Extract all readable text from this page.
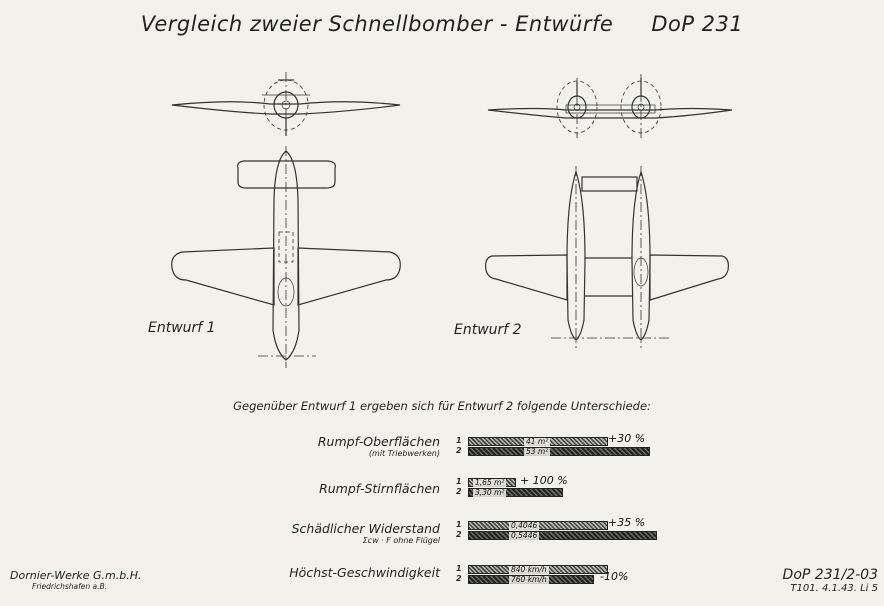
Vergleich zweier Schnellbomber - Entwürfe DoP 231
Entwurf 1	Entwurf 2
Gegenüber Entwurf 1 ergeben sich für Entwurf 2 folgende Unterschiede:
Rumpf-Oberflächen
(mit Triebwerken)
1
2
41 m²
53 m²
+30 %
Rumpf-Stirnflächen 1
2
1,65 m²
3,30 m²
+ 100 %
Schädlicher Widerstand
Σcw · F ohne Flügel
1
2
0,4046
0,5446
+35 %
Höchst-Geschwindigkeit 1
2
840 km/h
760 km/h	-10%
Dornier-Werke G.m.b.H.
Friedrichshafen a.B.
DoP 231/2-03
T101. 4.1.43. Li 5
